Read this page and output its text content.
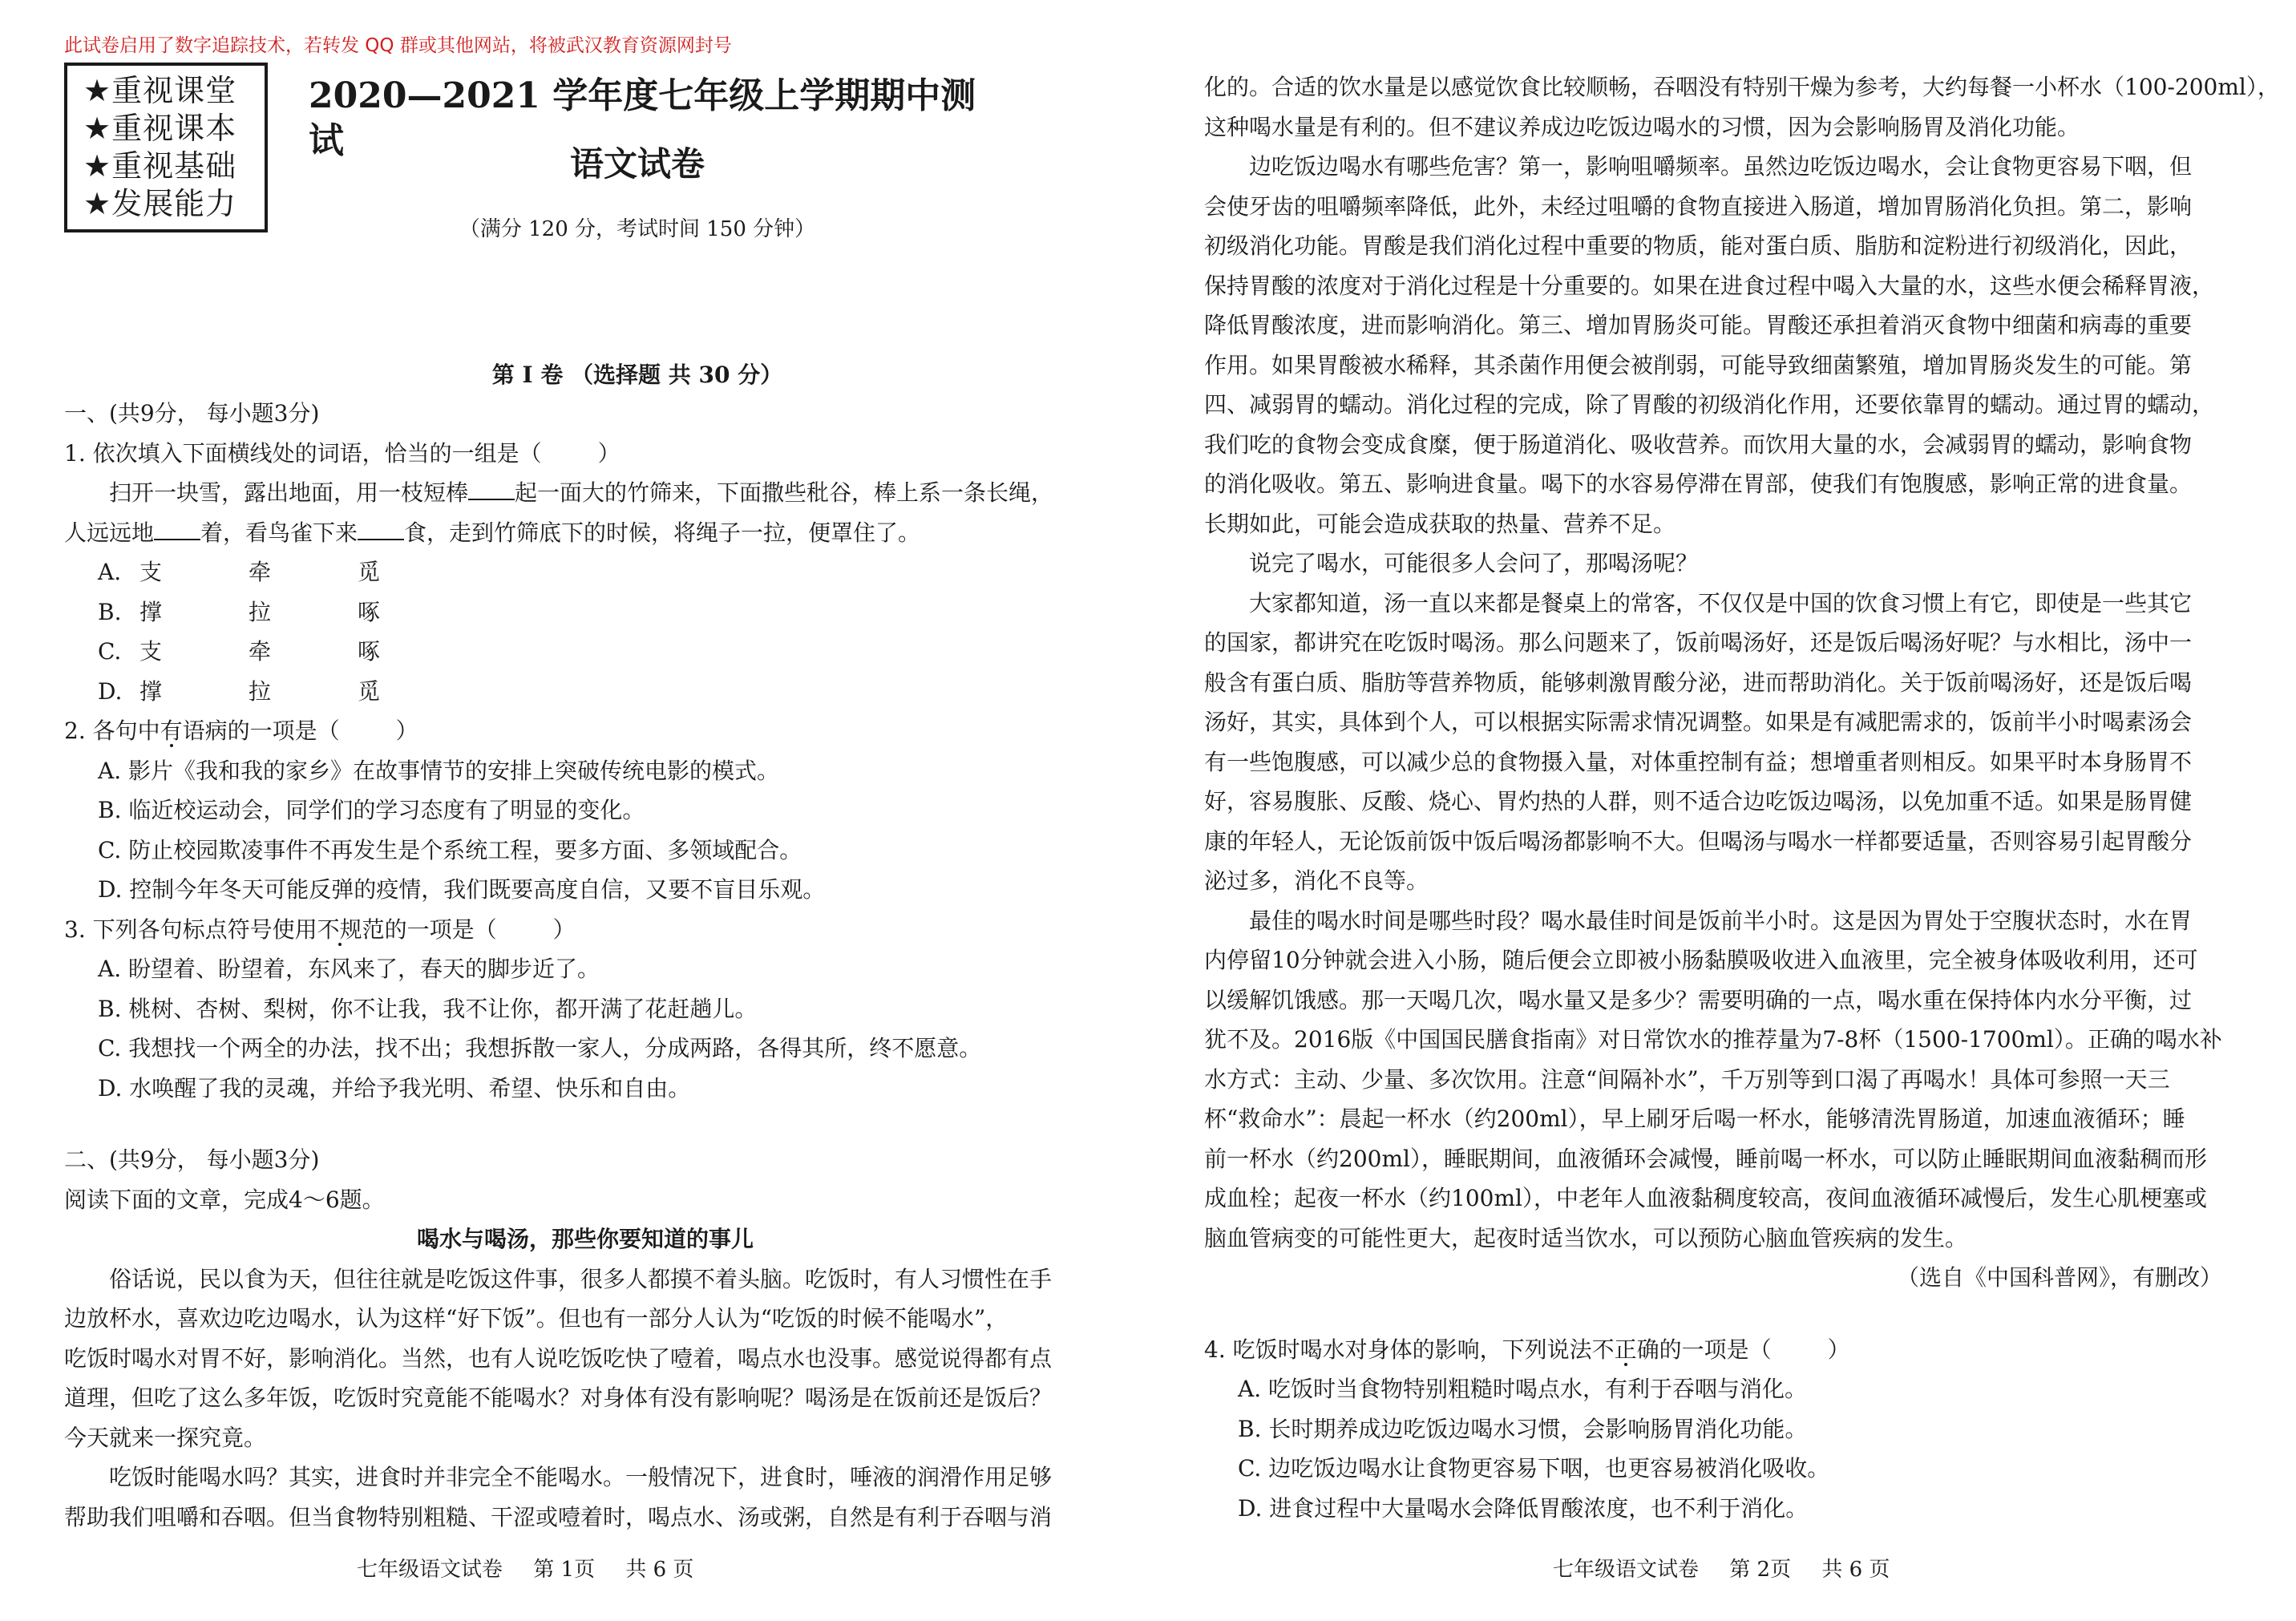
此试卷启用了数字追踪技术，若转发 QQ 群或其他网站，将被武汉教育资源网封号
★重视课堂
★重视课本
★重视基础
★发展能力
2020—2021 学年度七年级上学期期中测试
语文试卷
（满分 120 分，考试时间 150 分钟）
第 I 卷 （选择题 共 30 分）
一、(共9分， 每小题3分)
1. 依次填入下面横线处的词语，恰当的一组是（	）
扫开一块雪，露出地面，用一枝短棒 起一面大的竹筛来，下面撒些秕谷，棒上系一条长绳，
人远远地 着，看鸟雀下来 食，走到竹筛底下的时候，将绳子一拉，便罩住了。
A. 支	牵	觅
B. 撑	拉	啄
C. 支	牵	啄
D. 撑	拉	觅
2. 各句中有语病的一项是（	）
A. 影片《我和我的家乡》在故事情节的安排上突破传统电影的模式。
B. 临近校运动会，同学们的学习态度有了明显的变化。
C. 防止校园欺凌事件不再发生是个系统工程，要多方面、多领域配合。
D. 控制今年冬天可能反弹的疫情，我们既要高度自信，又要不盲目乐观。
3. 下列各句标点符号使用不规范的一项是（	）
A. 盼望着、盼望着，东风来了，春天的脚步近了。
B. 桃树、杏树、梨树，你不让我，我不让你，都开满了花赶趟儿。
C. 我想找一个两全的办法，找不出；我想拆散一家人，分成两路，各得其所，终不愿意。
D. 水唤醒了我的灵魂，并给予我光明、希望、快乐和自由。
二、(共9分， 每小题3分)
阅读下面的文章，完成4～6题。
喝水与喝汤，那些你要知道的事儿
俗话说，民以食为天，但往往就是吃饭这件事，很多人都摸不着头脑。吃饭时，有人习惯性在手
边放杯水，喜欢边吃边喝水，认为这样“好下饭”。但也有一部分人认为“吃饭的时候不能喝水”，
吃饭时喝水对胃不好，影响消化。当然，也有人说吃饭吃快了噎着，喝点水也没事。感觉说得都有点
道理，但吃了这么多年饭，吃饭时究竟能不能喝水？对身体有没有影响呢？喝汤是在饭前还是饭后？
今天就来一探究竟。
吃饭时能喝水吗？其实，进食时并非完全不能喝水。一般情况下，进食时，唾液的润滑作用足够
帮助我们咀嚼和吞咽。但当食物特别粗糙、干涩或噎着时，喝点水、汤或粥，自然是有利于吞咽与消
七年级语文试卷 第 1页 共 6 页
化的。合适的饮水量是以感觉饮食比较顺畅，吞咽没有特别干燥为参考，大约每餐一小杯水（100-200ml），
这种喝水量是有利的。但不建议养成边吃饭边喝水的习惯，因为会影响肠胃及消化功能。
边吃饭边喝水有哪些危害？第一，影响咀嚼频率。虽然边吃饭边喝水，会让食物更容易下咽，但
会使牙齿的咀嚼频率降低，此外，未经过咀嚼的食物直接进入肠道，增加胃肠消化负担。第二，影响
初级消化功能。胃酸是我们消化过程中重要的物质，能对蛋白质、脂肪和淀粉进行初级消化，因此，
保持胃酸的浓度对于消化过程是十分重要的。如果在进食过程中喝入大量的水，这些水便会稀释胃液，
降低胃酸浓度，进而影响消化。第三、增加胃肠炎可能。胃酸还承担着消灭食物中细菌和病毒的重要
作用。如果胃酸被水稀释，其杀菌作用便会被削弱，可能导致细菌繁殖，增加胃肠炎发生的可能。第
四、减弱胃的蠕动。消化过程的完成，除了胃酸的初级消化作用，还要依靠胃的蠕动。通过胃的蠕动，
我们吃的食物会变成食糜，便于肠道消化、吸收营养。而饮用大量的水，会减弱胃的蠕动，影响食物
的消化吸收。第五、影响进食量。喝下的水容易停滞在胃部，使我们有饱腹感，影响正常的进食量。
长期如此，可能会造成获取的热量、营养不足。
说完了喝水，可能很多人会问了，那喝汤呢？
大家都知道，汤一直以来都是餐桌上的常客，不仅仅是中国的饮食习惯上有它，即使是一些其它
的国家，都讲究在吃饭时喝汤。那么问题来了，饭前喝汤好，还是饭后喝汤好呢？与水相比，汤中一
般含有蛋白质、脂肪等营养物质，能够刺激胃酸分泌，进而帮助消化。关于饭前喝汤好，还是饭后喝
汤好，其实，具体到个人，可以根据实际需求情况调整。如果是有减肥需求的，饭前半小时喝素汤会
有一些饱腹感，可以减少总的食物摄入量，对体重控制有益；想增重者则相反。如果平时本身肠胃不
好，容易腹胀、反酸、烧心、胃灼热的人群，则不适合边吃饭边喝汤，以免加重不适。如果是肠胃健
康的年轻人，无论饭前饭中饭后喝汤都影响不大。但喝汤与喝水一样都要适量，否则容易引起胃酸分
泌过多，消化不良等。
最佳的喝水时间是哪些时段？喝水最佳时间是饭前半小时。这是因为胃处于空腹状态时，水在胃
内停留10分钟就会进入小肠，随后便会立即被小肠黏膜吸收进入血液里，完全被身体吸收利用，还可
以缓解饥饿感。那一天喝几次，喝水量又是多少？需要明确的一点，喝水重在保持体内水分平衡，过
犹不及。2016版《中国国民膳食指南》对日常饮水的推荐量为7-8杯（1500-1700ml）。正确的喝水补
水方式：主动、少量、多次饮用。注意“间隔补水”，千万别等到口渴了再喝水！具体可参照一天三
杯“救命水”：晨起一杯水（约200ml），早上刷牙后喝一杯水，能够清洗胃肠道，加速血液循环；睡
前一杯水（约200ml），睡眠期间，血液循环会减慢，睡前喝一杯水，可以防止睡眠期间血液黏稠而形
成血栓；起夜一杯水（约100ml），中老年人血液黏稠度较高，夜间血液循环减慢后，发生心肌梗塞或
脑血管病变的可能性更大，起夜时适当饮水，可以预防心脑血管疾病的发生。
（选自《中国科普网》，有删改）
4. 吃饭时喝水对身体的影响，下列说法不正确的一项是（	）
A. 吃饭时当食物特别粗糙时喝点水，有利于吞咽与消化。
B. 长时期养成边吃饭边喝水习惯，会影响肠胃消化功能。
C. 边吃饭边喝水让食物更容易下咽，也更容易被消化吸收。
D. 进食过程中大量喝水会降低胃酸浓度，也不利于消化。
七年级语文试卷 第 2页 共 6 页
